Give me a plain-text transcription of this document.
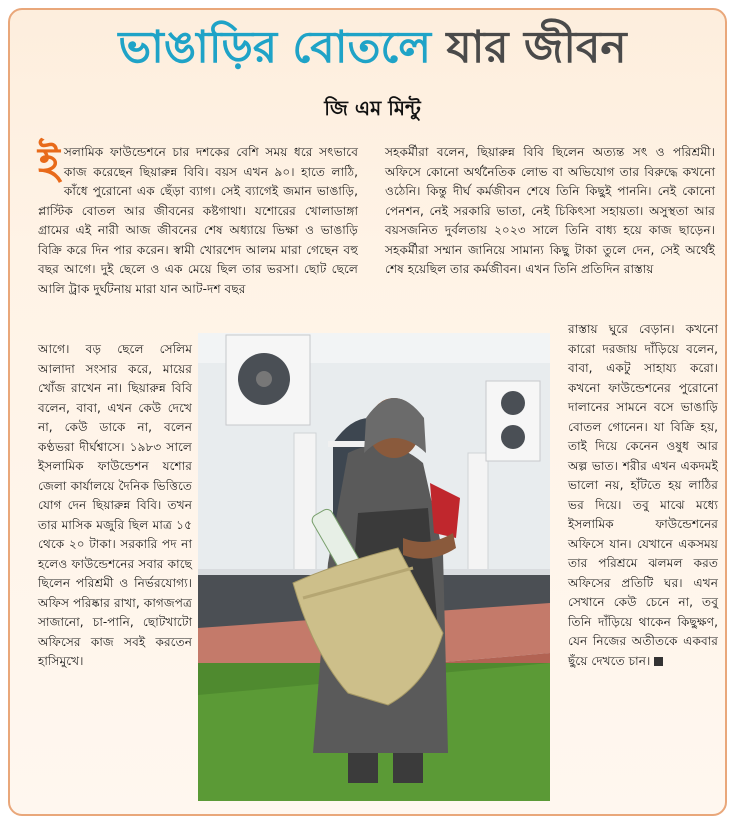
ভাঙাড়ির বোতলে যার জীবন
জি এম মিন্টু
ই সলামিক ফাউন্ডেশনে চার দশকের বেশি সময় ধরে সৎভাবে কাজ করেছেন ছিয়ারুন্ন বিবি। বয়স এখন ৯০। হাতে লাঠি, কাঁধে পুরোনো এক ছেঁড়া ব্যাগ। সেই ব্যাগেই জমান ভাঙাড়ি, প্লাস্টিক বোতল আর জীবনের কষ্টগাথা। যশোরের খোলাডাঙ্গা গ্রামের এই নারী আজ জীবনের শেষ অধ্যায়ে ভিক্ষা ও ভাঙাড়ি বিক্রি করে দিন পার করেন। স্বামী খোরশেদ আলম মারা গেছেন বহু বছর আগে। দুই ছেলে ও এক মেয়ে ছিল তার ভরসা। ছোট ছেলে আলি ট্রাক দুর্ঘটনায় মারা যান আট-দশ বছর

আগে। বড় ছেলে সেলিম আলাদা সংসার করে, মায়ের খোঁজ রাখেন না। ছিয়ারুন্ন বিবি বলেন, বাবা, এখন কেউ দেখে না, কেউ ডাকে না, বলেন কণ্ঠভরা দীর্ঘশ্বাসে। ১৯৮৩ সালে ইসলামিক ফাউন্ডেশন যশোর জেলা কার্যালয়ে দৈনিক ভিত্তিতে যোগ দেন ছিয়ারুন্ন বিবি। তখন তার মাসিক মজুরি ছিল মাত্র ১৫ থেকে ২০ টাকা। সরকারি পদ না হলেও ফাউন্ডেশনের সবার কাছে ছিলেন পরিশ্রমী ও নির্ভরযোগ্য। অফিস পরিষ্কার রাখা, কাগজপত্র সাজানো, চা-পানি, ছোটখাটো অফিসের কাজ সবই করতেন হাসিমুখে।

সহকর্মীরা বলেন, ছিয়ারুন্ন বিবি ছিলেন অত্যন্ত সৎ ও পরিশ্রমী। অফিসে কোনো অর্থনৈতিক লোভ বা অভিযোগ তার বিরুদ্ধে কখনো ওঠেনি। কিন্তু দীর্ঘ কর্মজীবন শেষে তিনি কিছুই পাননি। নেই কোনো পেনশন, নেই সরকারি ভাতা, নেই চিকিৎসা সহায়তা। অসুস্থতা আর বয়সজনিত দুর্বলতায় ২০২৩ সালে তিনি বাধ্য হয়ে কাজ ছাড়েন। সহকর্মীরা সম্মান জানিয়ে সামান্য কিছু টাকা তুলে দেন, সেই অর্থেই শেষ হয়েছিল তার কর্মজীবন। এখন তিনি প্রতিদিন রাস্তায়

রাস্তায় ঘুরে বেড়ান। কখনো কারো দরজায় দাঁড়িয়ে বলেন, বাবা, একটু সাহায্য করো। কখনো ফাউন্ডেশনের পুরোনো দালানের সামনে বসে ভাঙাড়ি বোতল গোনেন। যা বিক্রি হয়, তাই দিয়ে কেনেন ওষুধ আর অল্প ভাত। শরীর এখন একদমই ভালো নয়, হাঁটতে হয় লাঠির ভর দিয়ে। তবু মাঝে মধ্যে ইসলামিক ফাউন্ডেশনের অফিসে যান। যেখানে একসময় তার পরিশ্রমে ঝলমল করত অফিসের প্রতিটি ঘর। এখন সেখানে কেউ চেনে না, তবু তিনি দাঁড়িয়ে থাকেন কিছুক্ষণ, যেন নিজের অতীতকে একবার ছুঁয়ে দেখতে চান।
